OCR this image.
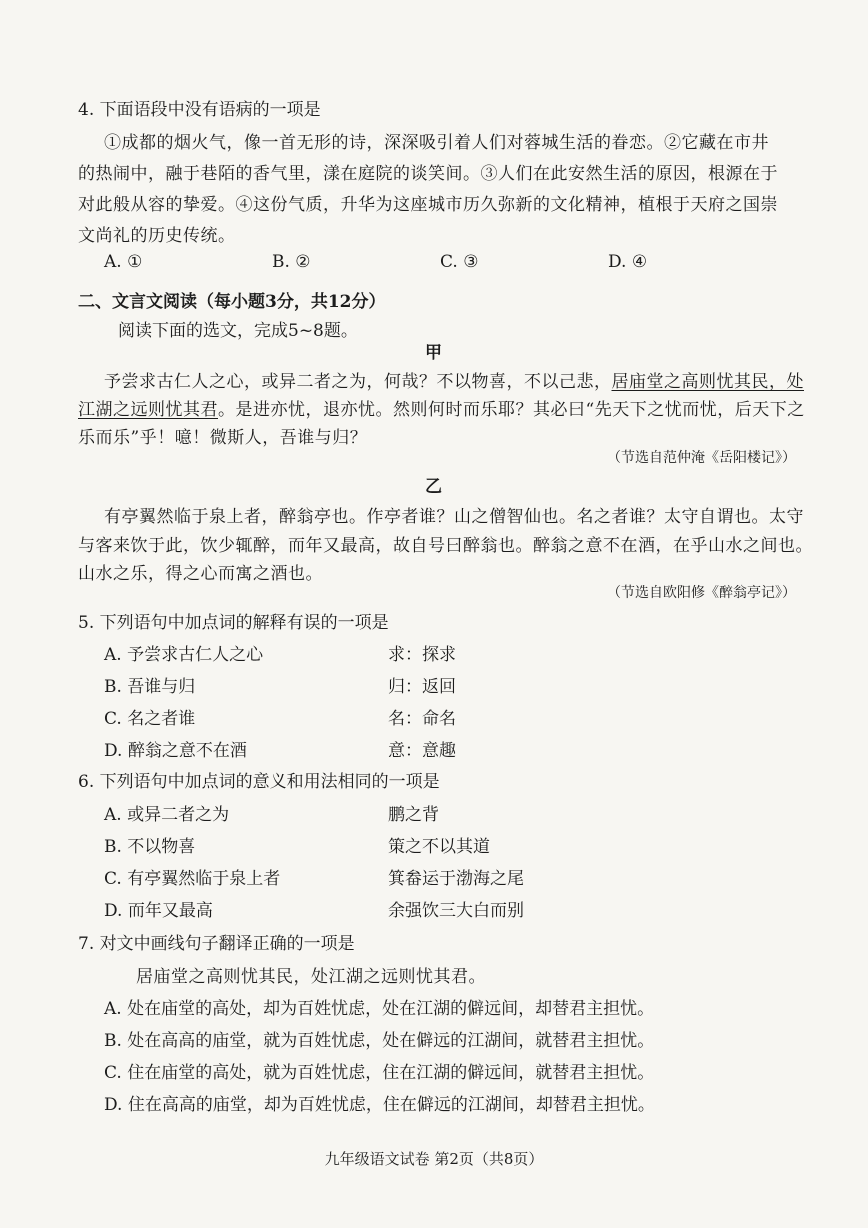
4. 下面语段中没有语病的一项是
①成都的烟火气，像一首无形的诗，深深吸引着人们对蓉城生活的眷恋。②它藏在市井
的热闹中，融于巷陌的香气里，漾在庭院的谈笑间。③人们在此安然生活的原因，根源在于
对此般从容的挚爱。④这份气质，升华为这座城市历久弥新的文化精神，植根于天府之国崇
文尚礼的历史传统。
A. ①	B. ②	C. ③	D. ④
二、文言文阅读（每小题3分，共12分）
阅读下面的选文，完成5~8题。
甲
予尝求古仁人之心，或异二者之为，何哉？不以物喜，不以己悲，居庙堂之高则忧其民，处
江湖之远则忧其君。是进亦忧，退亦忧。然则何时而乐耶？其必曰“先天下之忧而忧，后天下之
乐而乐”乎！噫！微斯人，吾谁与归？
（节选自范仲淹《岳阳楼记》）
乙
有亭翼然临于泉上者，醉翁亭也。作亭者谁？山之僧智仙也。名之者谁？太守自谓也。太守
与客来饮于此，饮少辄醉，而年又最高，故自号曰醉翁也。醉翁之意不在酒，在乎山水之间也。
山水之乐，得之心而寓之酒也。
（节选自欧阳修《醉翁亭记》）
5. 下列语句中加点词的解释有误的一项是
A. 予尝求古仁人之心	求：探求
B. 吾谁与归	归：返回
C. 名之者谁	名：命名
D. 醉翁之意不在酒	意：意趣
6. 下列语句中加点词的意义和用法相同的一项是
A. 或异二者之为	鹏之背
B. 不以物喜	策之不以其道
C. 有亭翼然临于泉上者	箕畚运于渤海之尾
D. 而年又最高	余强饮三大白而别
7. 对文中画线句子翻译正确的一项是
居庙堂之高则忧其民，处江湖之远则忧其君。
A. 处在庙堂的高处，却为百姓忧虑，处在江湖的僻远间，却替君主担忧。
B. 处在高高的庙堂，就为百姓忧虑，处在僻远的江湖间，就替君主担忧。
C. 住在庙堂的高处，就为百姓忧虑，住在江湖的僻远间，就替君主担忧。
D. 住在高高的庙堂，却为百姓忧虑，住在僻远的江湖间，却替君主担忧。
九年级语文试卷 第2页（共8页）
